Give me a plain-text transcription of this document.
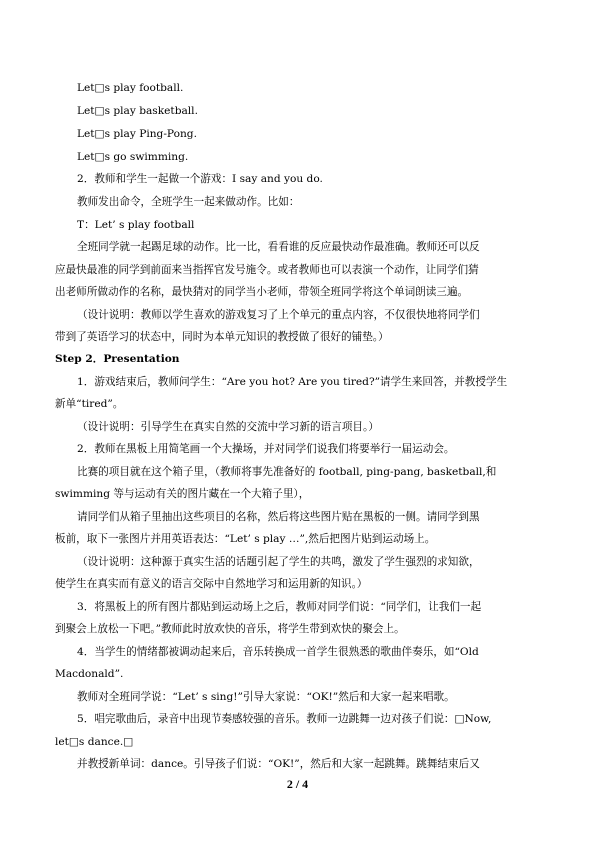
Let□s play football.
Let□s play basketball.
Let□s play Ping-Pong.
Let□s go swimming.
2．教师和学生一起做一个游戏：I say and you do.
教师发出命令，全班学生一起来做动作。比如：
T：Let’ s play football
全班同学就一起踢足球的动作。比一比，看看谁的反应最快动作最准确。教师还可以反
应最快最准的同学到前面来当指挥官发号施令。或者教师也可以表演一个动作，让同学们猜
出老师所做动作的名称，最快猜对的同学当小老师，带领全班同学将这个单词朗读三遍。
（设计说明：教师以学生喜欢的游戏复习了上个单元的重点内容，不仅很快地将同学们
带到了英语学习的状态中，同时为本单元知识的教授做了很好的铺垫。）
Step 2．Presentation
1．游戏结束后，教师问学生：“Are you hot? Are you tired?”请学生来回答，并教授学生
新单“tired”。
（设计说明：引导学生在真实自然的交流中学习新的语言项目。）
2．教师在黑板上用简笔画一个大操场，并对同学们说我们将要举行一届运动会。
比赛的项目就在这个箱子里，（教师将事先准备好的 football, ping-pang, basketball,和
swimming 等与运动有关的图片藏在一个大箱子里），
请同学们从箱子里抽出这些项目的名称，然后将这些图片贴在黑板的一侧。请同学到黑
板前，取下一张图片并用英语表达：“Let’ s play …”,然后把图片贴到运动场上。
（设计说明：这种源于真实生活的话题引起了学生的共鸣，激发了学生强烈的求知欲，
使学生在真实而有意义的语言交际中自然地学习和运用新的知识。）
3．将黑板上的所有图片都贴到运动场上之后，教师对同学们说：“同学们，让我们一起
到聚会上放松一下吧。”教师此时放欢快的音乐，将学生带到欢快的聚会上。
4．当学生的情绪都被调动起来后，音乐转换成一首学生很熟悉的歌曲伴奏乐，如“Old
Macdonald”.
教师对全班同学说：“Let’ s sing!”引导大家说：“OK!”然后和大家一起来唱歌。
5．唱完歌曲后，录音中出现节奏感较强的音乐。教师一边跳舞一边对孩子们说：□Now,
let□s dance.□
并教授新单词：dance。引导孩子们说：“OK!”，然后和大家一起跳舞。跳舞结束后又
2 / 4
